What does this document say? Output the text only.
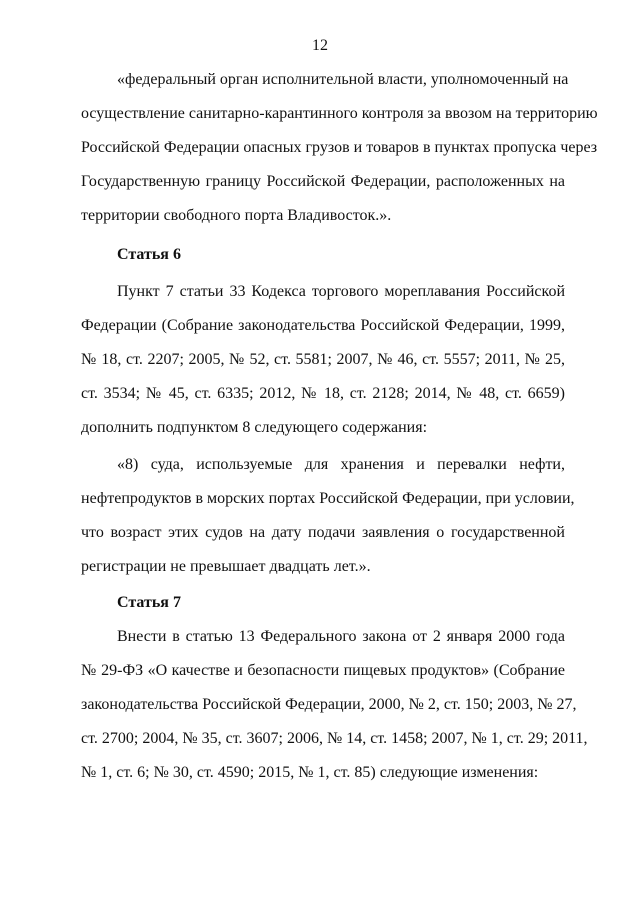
12
«федеральный орган исполнительной власти, уполномоченный на
осуществление санитарно-карантинного контроля за ввозом на территорию
Российской Федерации опасных грузов и товаров в пунктах пропуска через
Государственную границу Российской Федерации, расположенных на
территории свободного порта Владивосток.».
Статья 6
Пункт 7 статьи 33 Кодекса торгового мореплавания Российской
Федерации (Собрание законодательства Российской Федерации, 1999,
№ 18, ст. 2207; 2005, № 52, ст. 5581; 2007, № 46, ст. 5557; 2011, № 25,
ст. 3534; № 45, ст. 6335; 2012, № 18, ст. 2128; 2014, № 48, ст. 6659)
дополнить подпунктом 8 следующего содержания:
«8) суда, используемые для хранения и перевалки нефти,
нефтепродуктов в морских портах Российской Федерации, при условии,
что возраст этих судов на дату подачи заявления о государственной
регистрации не превышает двадцать лет.».
Статья 7
Внести в статью 13 Федерального закона от 2 января 2000 года
№ 29-ФЗ «О качестве и безопасности пищевых продуктов» (Собрание
законодательства Российской Федерации, 2000, № 2, ст. 150; 2003, № 27,
ст. 2700; 2004, № 35, ст. 3607; 2006, № 14, ст. 1458; 2007, № 1, ст. 29; 2011,
№ 1, ст. 6; № 30, ст. 4590; 2015, № 1, ст. 85) следующие изменения:
